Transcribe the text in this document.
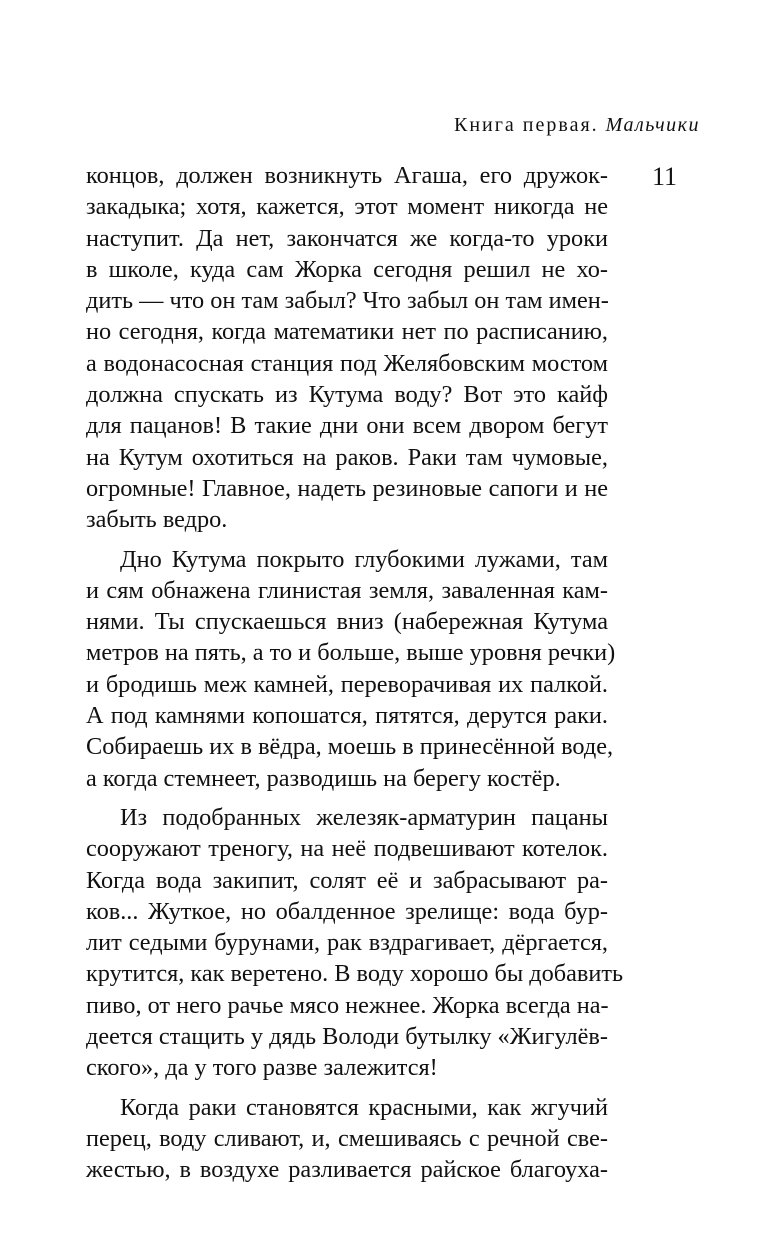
Книга первая. Мальчики
11
концов, должен возникнуть Агаша, его дружок-
закадыка; хотя, кажется, этот момент никогда не
наступит. Да нет, закончатся же когда-то уроки
в школе, куда сам Жорка сегодня решил не хо-
дить — что он там забыл? Что забыл он там имен-
но сегодня, когда математики нет по расписанию,
а водонасосная станция под Желябовским мостом
должна спускать из Кутума воду? Вот это кайф
для пацанов! В такие дни они всем двором бегут
на Кутум охотиться на раков. Раки там чумовые,
огромные! Главное, надеть резиновые сапоги и не
забыть ведро.
Дно Кутума покрыто глубокими лужами, там
и сям обнажена глинистая земля, заваленная кам-
нями. Ты спускаешься вниз (набережная Кутума
метров на пять, а то и больше, выше уровня речки)
и бродишь меж камней, переворачивая их палкой.
А под камнями копошатся, пятятся, дерутся раки.
Собираешь их в вёдра, моешь в принесённой воде,
а когда стемнеет, разводишь на берегу костёр.
Из подобранных железяк-арматурин пацаны
сооружают треногу, на неё подвешивают котелок.
Когда вода закипит, солят её и забрасывают ра-
ков... Жуткое, но обалденное зрелище: вода бур-
лит седыми бурунами, рак вздрагивает, дёргается,
крутится, как веретено. В воду хорошо бы добавить
пиво, от него рачье мясо нежнее. Жорка всегда на-
деется стащить у дядь Володи бутылку «Жигулёв-
ского», да у того разве залежится!
Когда раки становятся красными, как жгучий
перец, воду сливают, и, смешиваясь с речной све-
жестью, в воздухе разливается райское благоуха-
